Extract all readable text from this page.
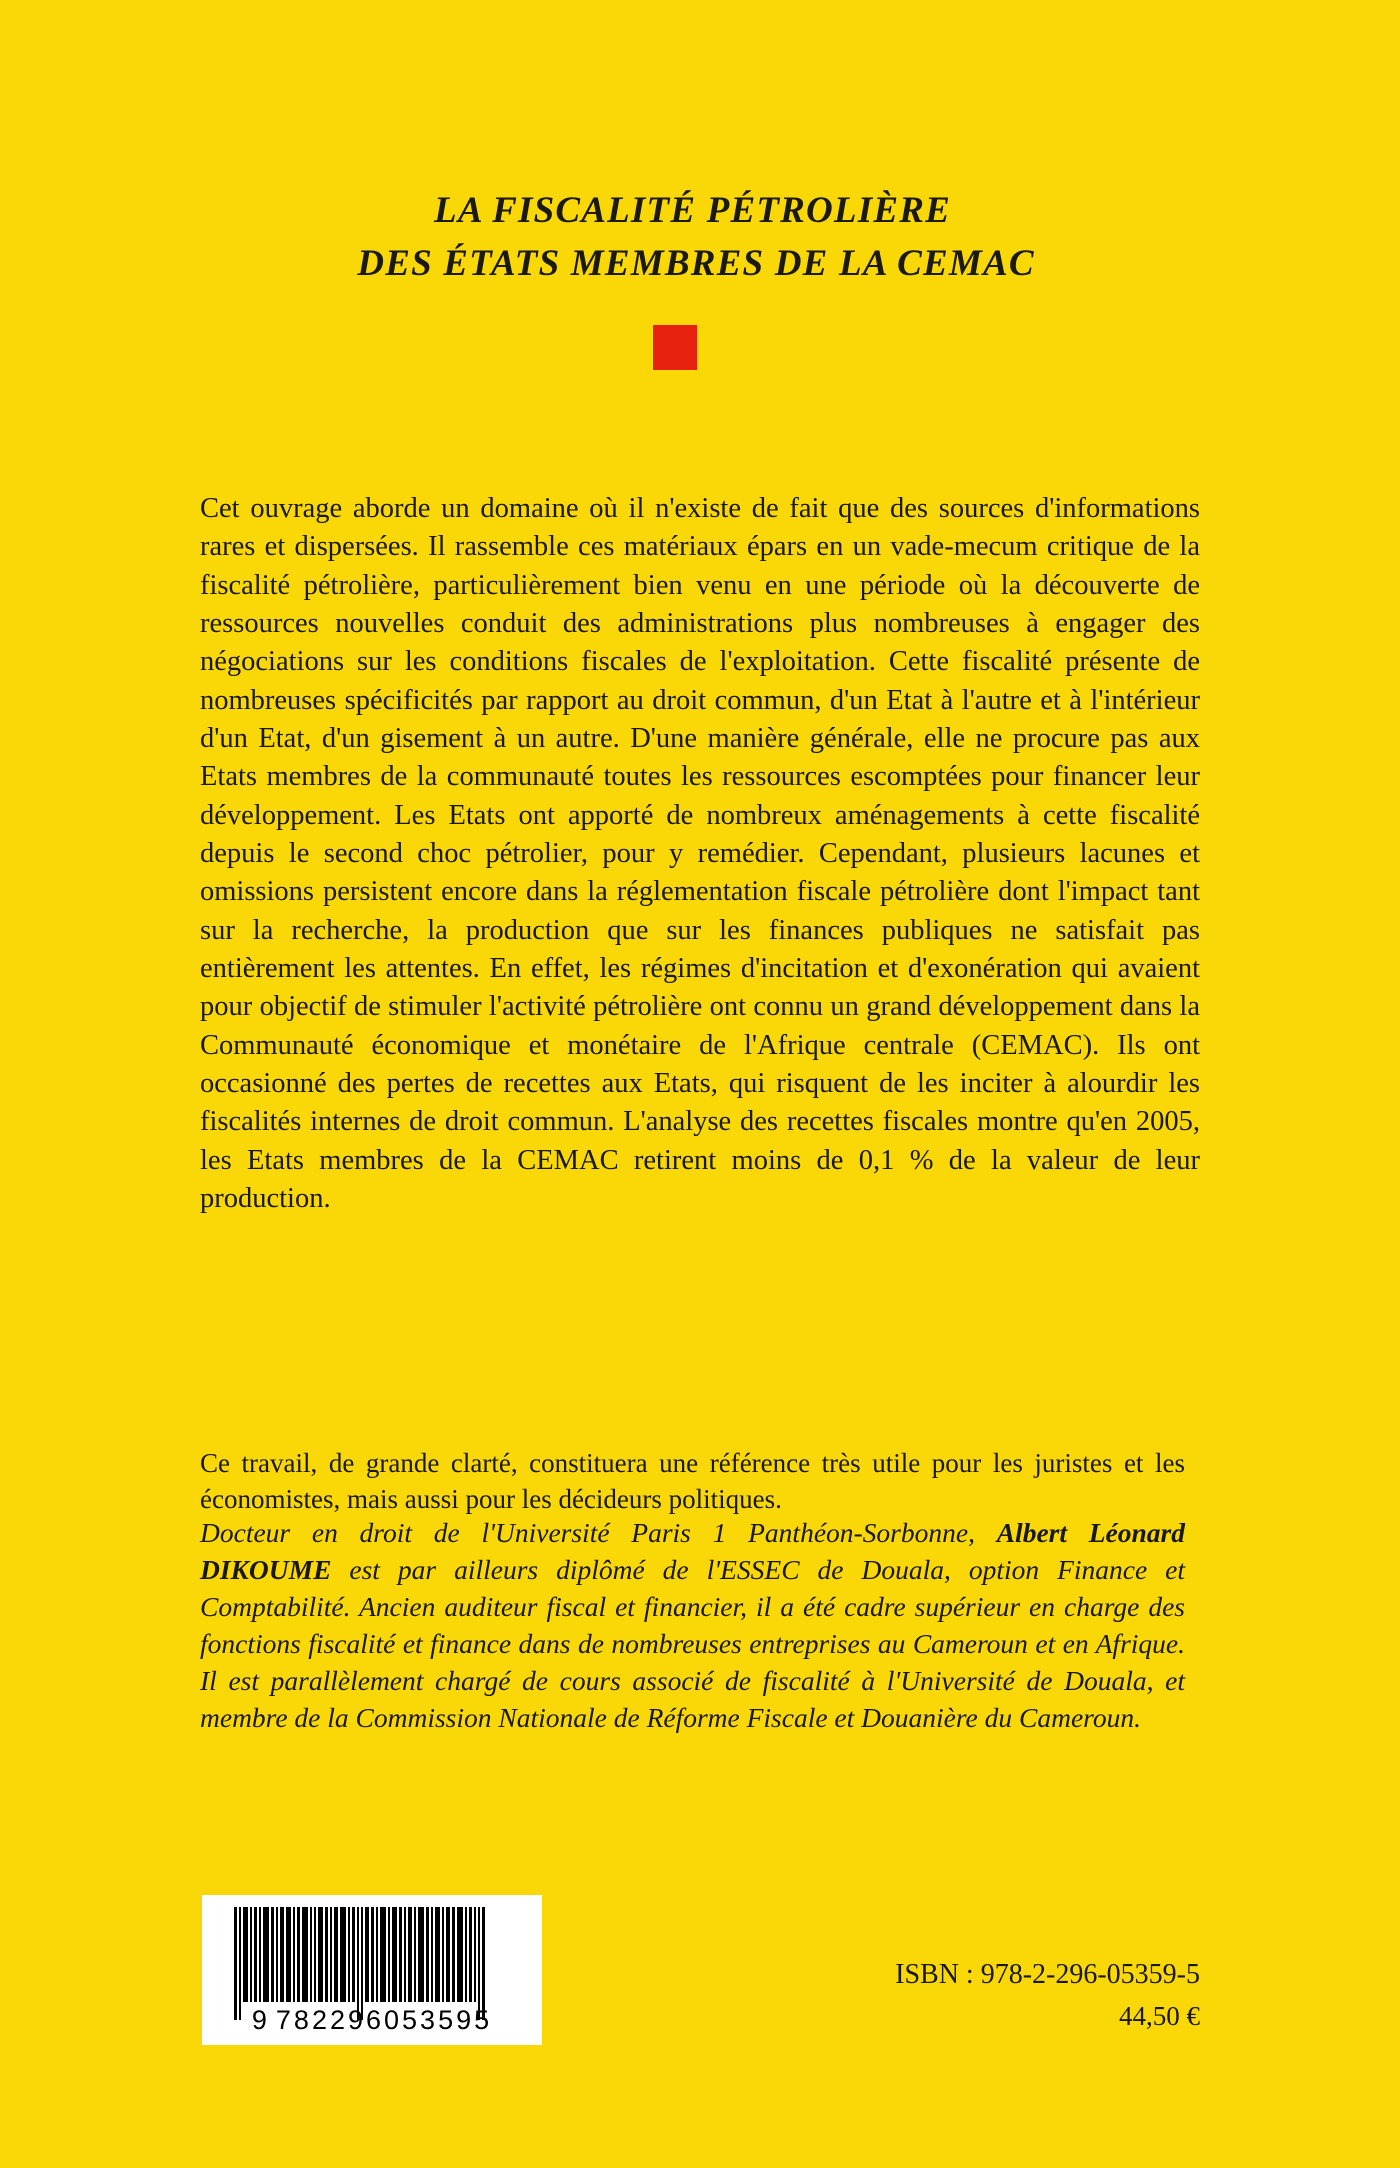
LA FISCALITÉ PÉTROLIÈRE
DES ÉTATS MEMBRES DE LA CEMAC

Cet ouvrage aborde un domaine où il n'existe de fait que des sources d'informations rares et dispersées. Il rassemble ces matériaux épars en un vade-mecum critique de la fiscalité pétrolière, particulièrement bien venu en une période où la découverte de ressources nouvelles conduit des administrations plus nombreuses à engager des négociations sur les conditions fiscales de l'exploitation. Cette fiscalité présente de nombreuses spécificités par rapport au droit commun, d'un Etat à l'autre et à l'intérieur d'un Etat, d'un gisement à un autre. D'une manière générale, elle ne procure pas aux Etats membres de la communauté toutes les ressources escomptées pour financer leur développement. Les Etats ont apporté de nombreux aménagements à cette fiscalité depuis le second choc pétrolier, pour y remédier. Cependant, plusieurs lacunes et omissions persistent encore dans la réglementation fiscale pétrolière dont l'impact tant sur la recherche, la production que sur les finances publiques ne satisfait pas entièrement les attentes. En effet, les régimes d'incitation et d'exonération qui avaient pour objectif de stimuler l'activité pétrolière ont connu un grand développement dans la Communauté économique et monétaire de l'Afrique centrale (CEMAC). Ils ont occasionné des pertes de recettes aux Etats, qui risquent de les inciter à alourdir les fiscalités internes de droit commun. L'analyse des recettes fiscales montre qu'en 2005, les Etats membres de la CEMAC retirent moins de 0,1 % de la valeur de leur production.

Ce travail, de grande clarté, constituera une référence très utile pour les juristes et les économistes, mais aussi pour les décideurs politiques.

Docteur en droit de l'Université Paris 1 Panthéon-Sorbonne, Albert Léonard DIKOUME est par ailleurs diplômé de l'ESSEC de Douala, option Finance et Comptabilité. Ancien auditeur fiscal et financier, il a été cadre supérieur en charge des fonctions fiscalité et finance dans de nombreuses entreprises au Cameroun et en Afrique. Il est parallèlement chargé de cours associé de fiscalité à l'Université de Douala, et membre de la Commission Nationale de Réforme Fiscale et Douanière du Cameroun.
9 782296053595
ISBN : 978-2-296-05359-5
44,50 €
